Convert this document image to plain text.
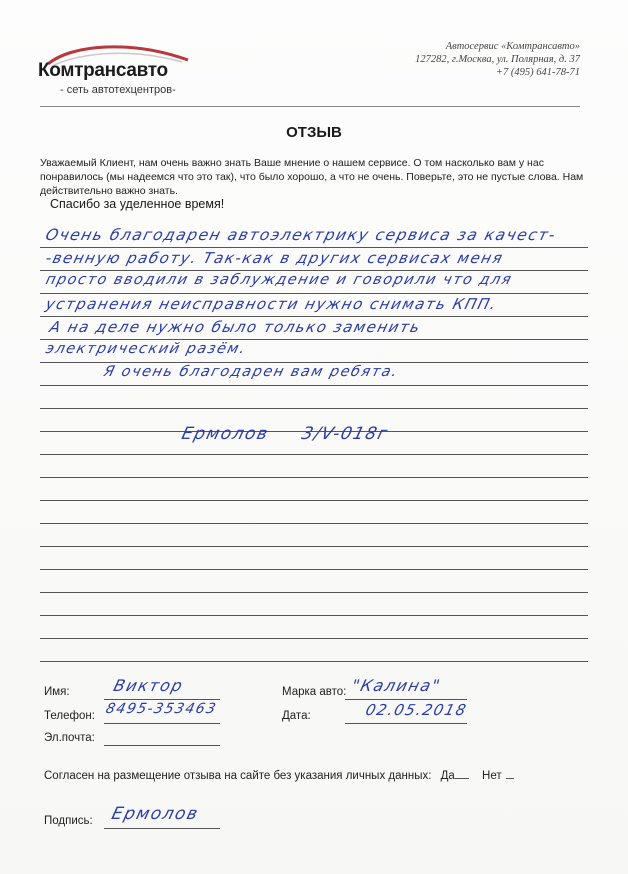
Комтрансавто
- сеть автотехцентров-
Автосервис «Комтрансавто»
127282, г.Москва, ул. Полярная, д. 37
+7 (495) 641-78-71
ОТЗЫВ
Уважаемый Клиент, нам очень важно знать Ваше мнение о нашем сервисе. О том насколько вам у нас понравилось (мы надеемся что это так), что было хорошо, а что не очень. Поверьте, это не пустые слова. Нам действительно важно знать.
Спасибо за уделенное время!
Очень благодарен автоэлектрику сервиса за качест-
-венную работу. Так-как в других сервисах меня
просто вводили в заблуждение и говорили что для
устранения неисправности нужно снимать КПП.
А на деле нужно было только заменить
электрический разём.
Я очень благодарен вам ребята.
Ермолов 3/V-018г
Имя:	Виктор
Телефон: 8495-353463
Эл.почта:
Марка авто: "Калина"
Дата:	02.05.2018
Согласен на размещение отзыва на сайте без указания личных данных: Да Нет
Подпись: Ермолов
